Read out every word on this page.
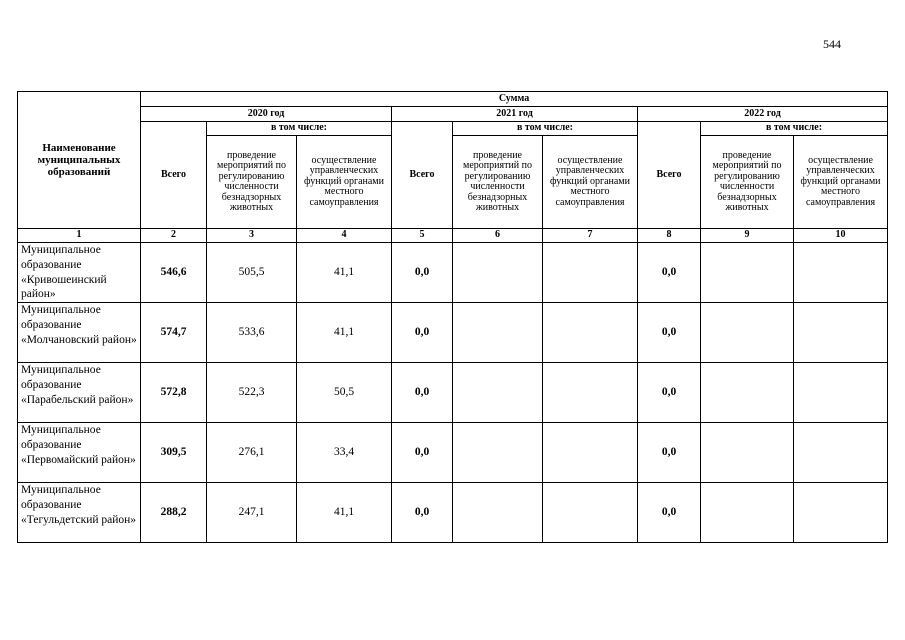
544
Наименование муниципальных образований	Сумма								
	2020 год			2021 год			2022 год		
	Всего	в том числе:		Всего	в том числе:		Всего	в том числе:	
		проведение мероприятий по регулированию численности безнадзорных животных	осуществление управленческих функций органами местного самоуправления		проведение мероприятий по регулированию численности безнадзорных животных	осуществление управленческих функций органами местного самоуправления		проведение мероприятий по регулированию численности безнадзорных животных	осуществление управленческих функций органами местного самоуправления
1	2	3	4	5	6	7	8	9	10
Муниципальное образование «Кривошеинский район»	546,6	505,5	41,1	0,0			0,0		
Муниципальное образование «Молчановский район»	574,7	533,6	41,1	0,0			0,0		
Муниципальное образование «Парабельский район»	572,8	522,3	50,5	0,0			0,0		
Муниципальное образование «Первомайский район»	309,5	276,1	33,4	0,0			0,0		
Муниципальное образование «Тегульдетский район»	288,2	247,1	41,1	0,0			0,0		
